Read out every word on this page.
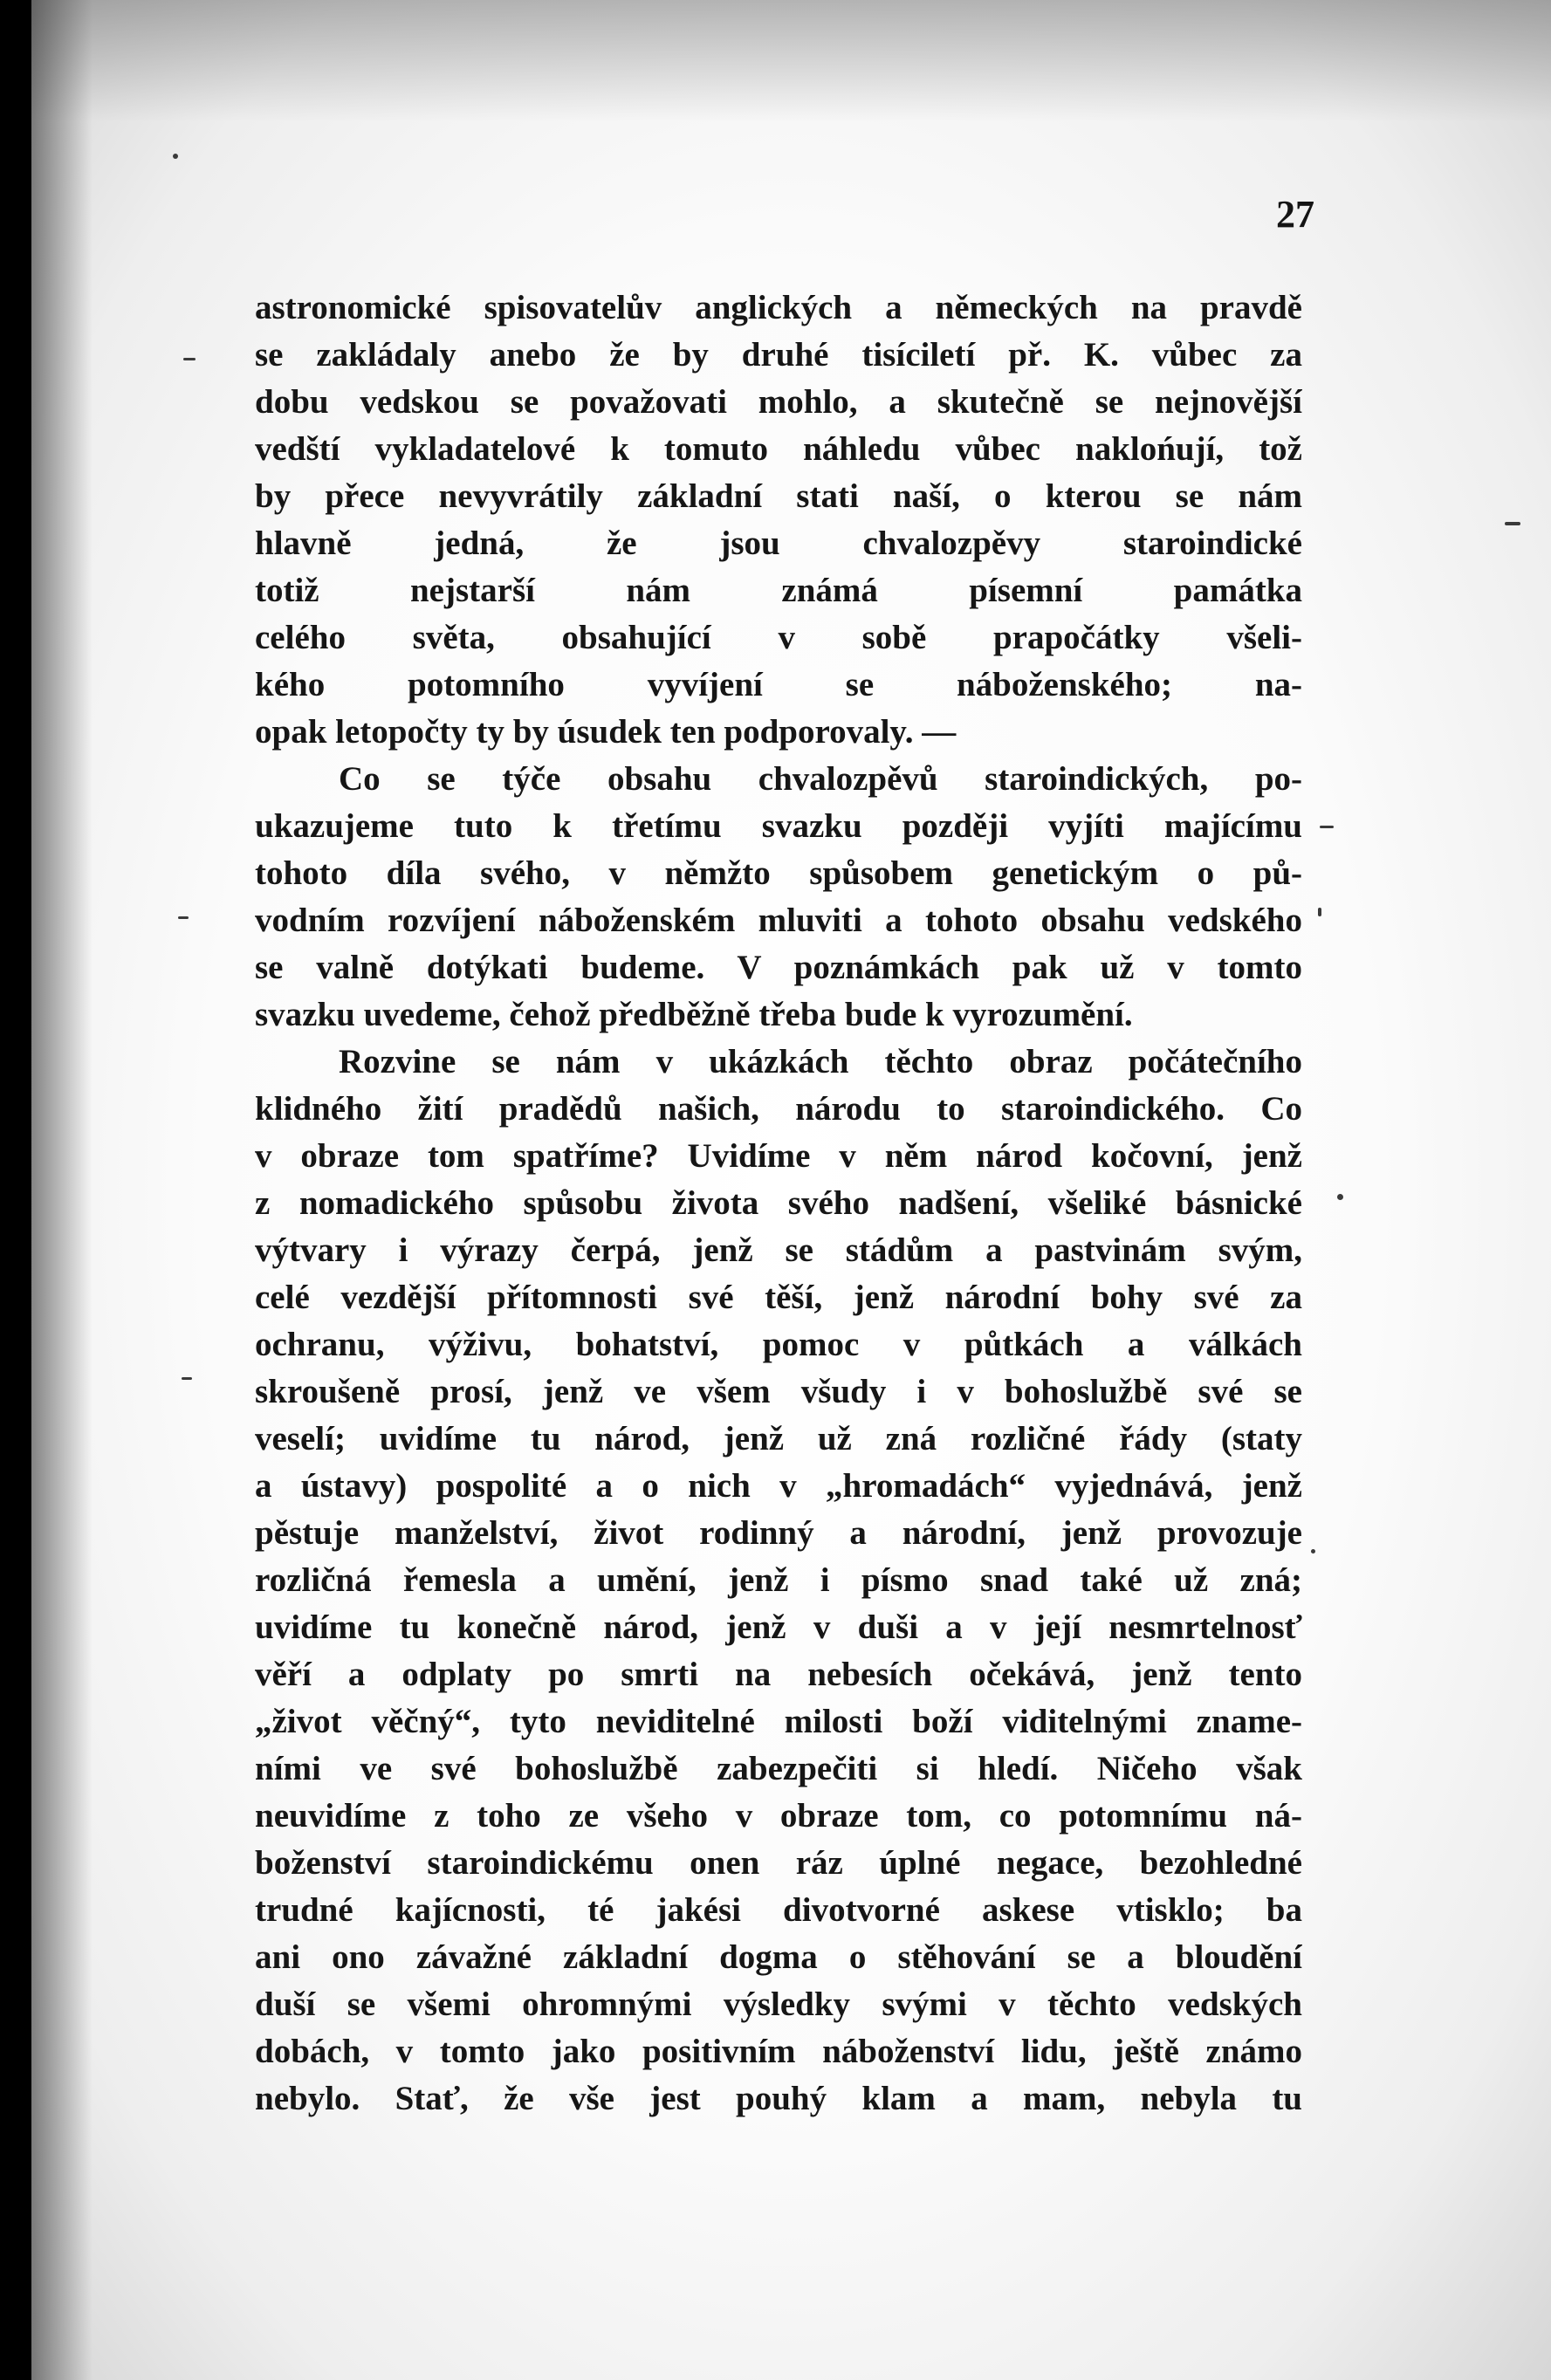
27
astronomické spisovatelův anglických a německých na pravdě
se zakládaly anebo že by druhé tisíciletí př. K. vůbec za
dobu vedskou se považovati mohlo, a skutečně se nejnovější
vedští vykladatelové k tomuto náhledu vůbec naklońují, tož
by přece nevyvrátily základní stati naší, o kterou se nám
hlavně jedná, že jsou chvalozpěvy staroindické
totiž nejstarší nám známá písemní památka
celého světa, obsahující v sobě prapočátky všeli-
kého potomního vyvíjení se náboženského; na-
opak letopočty ty by úsudek ten podporovaly. —
Co se týče obsahu chvalozpěvů staroindických, po-
ukazujeme tuto k třetímu svazku později vyjíti majícímu
tohoto díla svého, v němžto spůsobem genetickým o pů-
vodním rozvíjení náboženském mluviti a tohoto obsahu vedského
se valně dotýkati budeme. V poznámkách pak už v tomto
svazku uvedeme, čehož předběžně třeba bude k vyrozumění.
Rozvine se nám v ukázkách těchto obraz počátečního
klidného žití pradědů našich, národu to staroindického. Co
v obraze tom spatříme? Uvidíme v něm národ kočovní, jenž
z nomadického spůsobu života svého nadšení, všeliké básnické
výtvary i výrazy čerpá, jenž se stádům a pastvinám svým,
celé vezdější přítomnosti své těší, jenž národní bohy své za
ochranu, výživu, bohatství, pomoc v půtkách a válkách
skroušeně prosí, jenž ve všem všudy i v bohoslužbě své se
veselí; uvidíme tu národ, jenž už zná rozličné řády (staty
a ústavy) pospolité a o nich v „hromadách“ vyjednává, jenž
pěstuje manželství, život rodinný a národní, jenž provozuje
rozličná řemesla a umění, jenž i písmo snad také už zná;
uvidíme tu konečně národ, jenž v duši a v její nesmrtelnosť
věří a odplaty po smrti na nebesích očekává, jenž tento
„život věčný“, tyto neviditelné milosti boží viditelnými zname-
ními ve své bohoslužbě zabezpečiti si hledí. Ničeho však
neuvidíme z toho ze všeho v obraze tom, co potomnímu ná-
boženství staroindickému onen ráz úplné negace, bezohledné
trudné kajícnosti, té jakési divotvorné askese vtisklo; ba
ani ono závažné základní dogma o stěhování se a bloudění
duší se všemi ohromnými výsledky svými v těchto vedských
dobách, v tomto jako positivním náboženství lidu, ještě známo
nebylo. Stať, že vše jest pouhý klam a mam, nebyla tu
